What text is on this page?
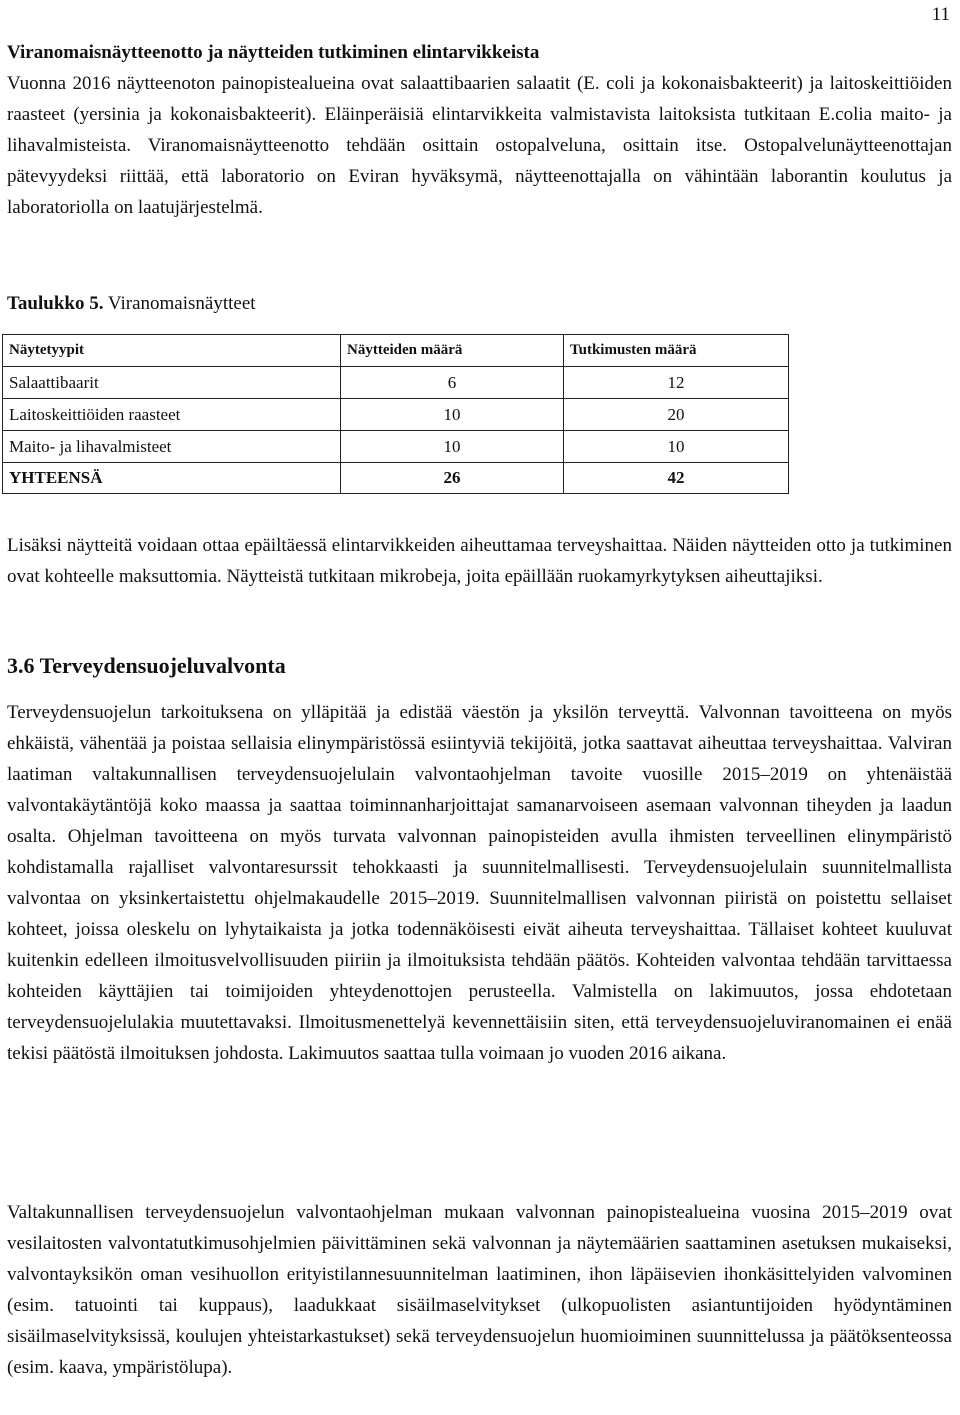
11
Viranomaisnäytteenotto ja näytteiden tutkiminen elintarvikkeista

Vuonna 2016 näytteenoton painopistealueina ovat salaattibaarien salaatit (E. coli ja kokonaisbakteerit) ja laitoskeittiöiden raasteet (yersinia ja kokonaisbakteerit). Eläinperäisiä elintarvikkeita valmistavista laitoksista tutkitaan E.colia maito- ja lihavalmisteista. Viranomaisnäytteenotto tehdään osittain ostopalveluna, osittain itse. Ostopalvelunäytteenottajan pätevyydeksi riittää, että laboratorio on Eviran hyväksymä, näytteenottajalla on vähintään laborantin koulutus ja laboratoriolla on laatujärjestelmä.

Taulukko 5. Viranomaisnäytteet
Näytetyypit	Näytteiden määrä	Tutkimusten määrä
Salaattibaarit	6	12
Laitoskeittiöiden raasteet	10	20
Maito- ja lihavalmisteet	10	10
YHTEENSÄ	26	42

Lisäksi näytteitä voidaan ottaa epäiltäessä elintarvikkeiden aiheuttamaa terveyshaittaa. Näiden näytteiden otto ja tutkiminen ovat kohteelle maksuttomia. Näytteistä tutkitaan mikrobeja, joita epäillään ruokamyrkytyksen aiheuttajiksi.

3.6 Terveydensuojeluvalvonta

Terveydensuojelun tarkoituksena on ylläpitää ja edistää väestön ja yksilön terveyttä. Valvonnan tavoitteena on myös ehkäistä, vähentää ja poistaa sellaisia elinympäristössä esiintyviä tekijöitä, jotka saattavat aiheuttaa terveyshaittaa. Valviran laatiman valtakunnallisen terveydensuojelulain valvontaohjelman tavoite vuosille 2015–2019 on yhtenäistää valvontakäytäntöjä koko maassa ja saattaa toiminnanharjoittajat samanarvoiseen asemaan valvonnan tiheyden ja laadun osalta. Ohjelman tavoitteena on myös turvata valvonnan painopisteiden avulla ihmisten terveellinen elinympäristö kohdistamalla rajalliset valvontaresurssit tehokkaasti ja suunnitelmallisesti. Terveydensuojelulain suunnitelmallista valvontaa on yksinkertaistettu ohjelmakaudelle 2015–2019. Suunnitelmallisen valvonnan piiristä on poistettu sellaiset kohteet, joissa oleskelu on lyhytaikaista ja jotka todennäköisesti eivät aiheuta terveyshaittaa. Tällaiset kohteet kuuluvat kuitenkin edelleen ilmoitusvelvollisuuden piiriin ja ilmoituksista tehdään päätös. Kohteiden valvontaa tehdään tarvittaessa kohteiden käyttäjien tai toimijoiden yhteydenottojen perusteella. Valmistella on lakimuutos, jossa ehdotetaan terveydensuojelulakia muutettavaksi. Ilmoitusmenettelyä kevennettäisiin siten, että terveydensuojeluviranomainen ei enää tekisi päätöstä ilmoituksen johdosta. Lakimuutos saattaa tulla voimaan jo vuoden 2016 aikana.

Valtakunnallisen terveydensuojelun valvontaohjelman mukaan valvonnan painopistealueina vuosina 2015–2019 ovat vesilaitosten valvontatutkimusohjelmien päivittäminen sekä valvonnan ja näytemäärien saattaminen asetuksen mukaiseksi, valvontayksikön oman vesihuollon erityistilannesuunnitelman laatiminen, ihon läpäisevien ihonkäsittelyiden valvominen (esim. tatuointi tai kuppaus), laadukkaat sisäilmaselvitykset (ulkopuolisten asiantuntijoiden hyödyntäminen sisäilmaselvityksissä, koulujen yhteistarkastukset) sekä terveydensuojelun huomioiminen suunnittelussa ja päätöksenteossa (esim. kaava, ympäristölupa).
